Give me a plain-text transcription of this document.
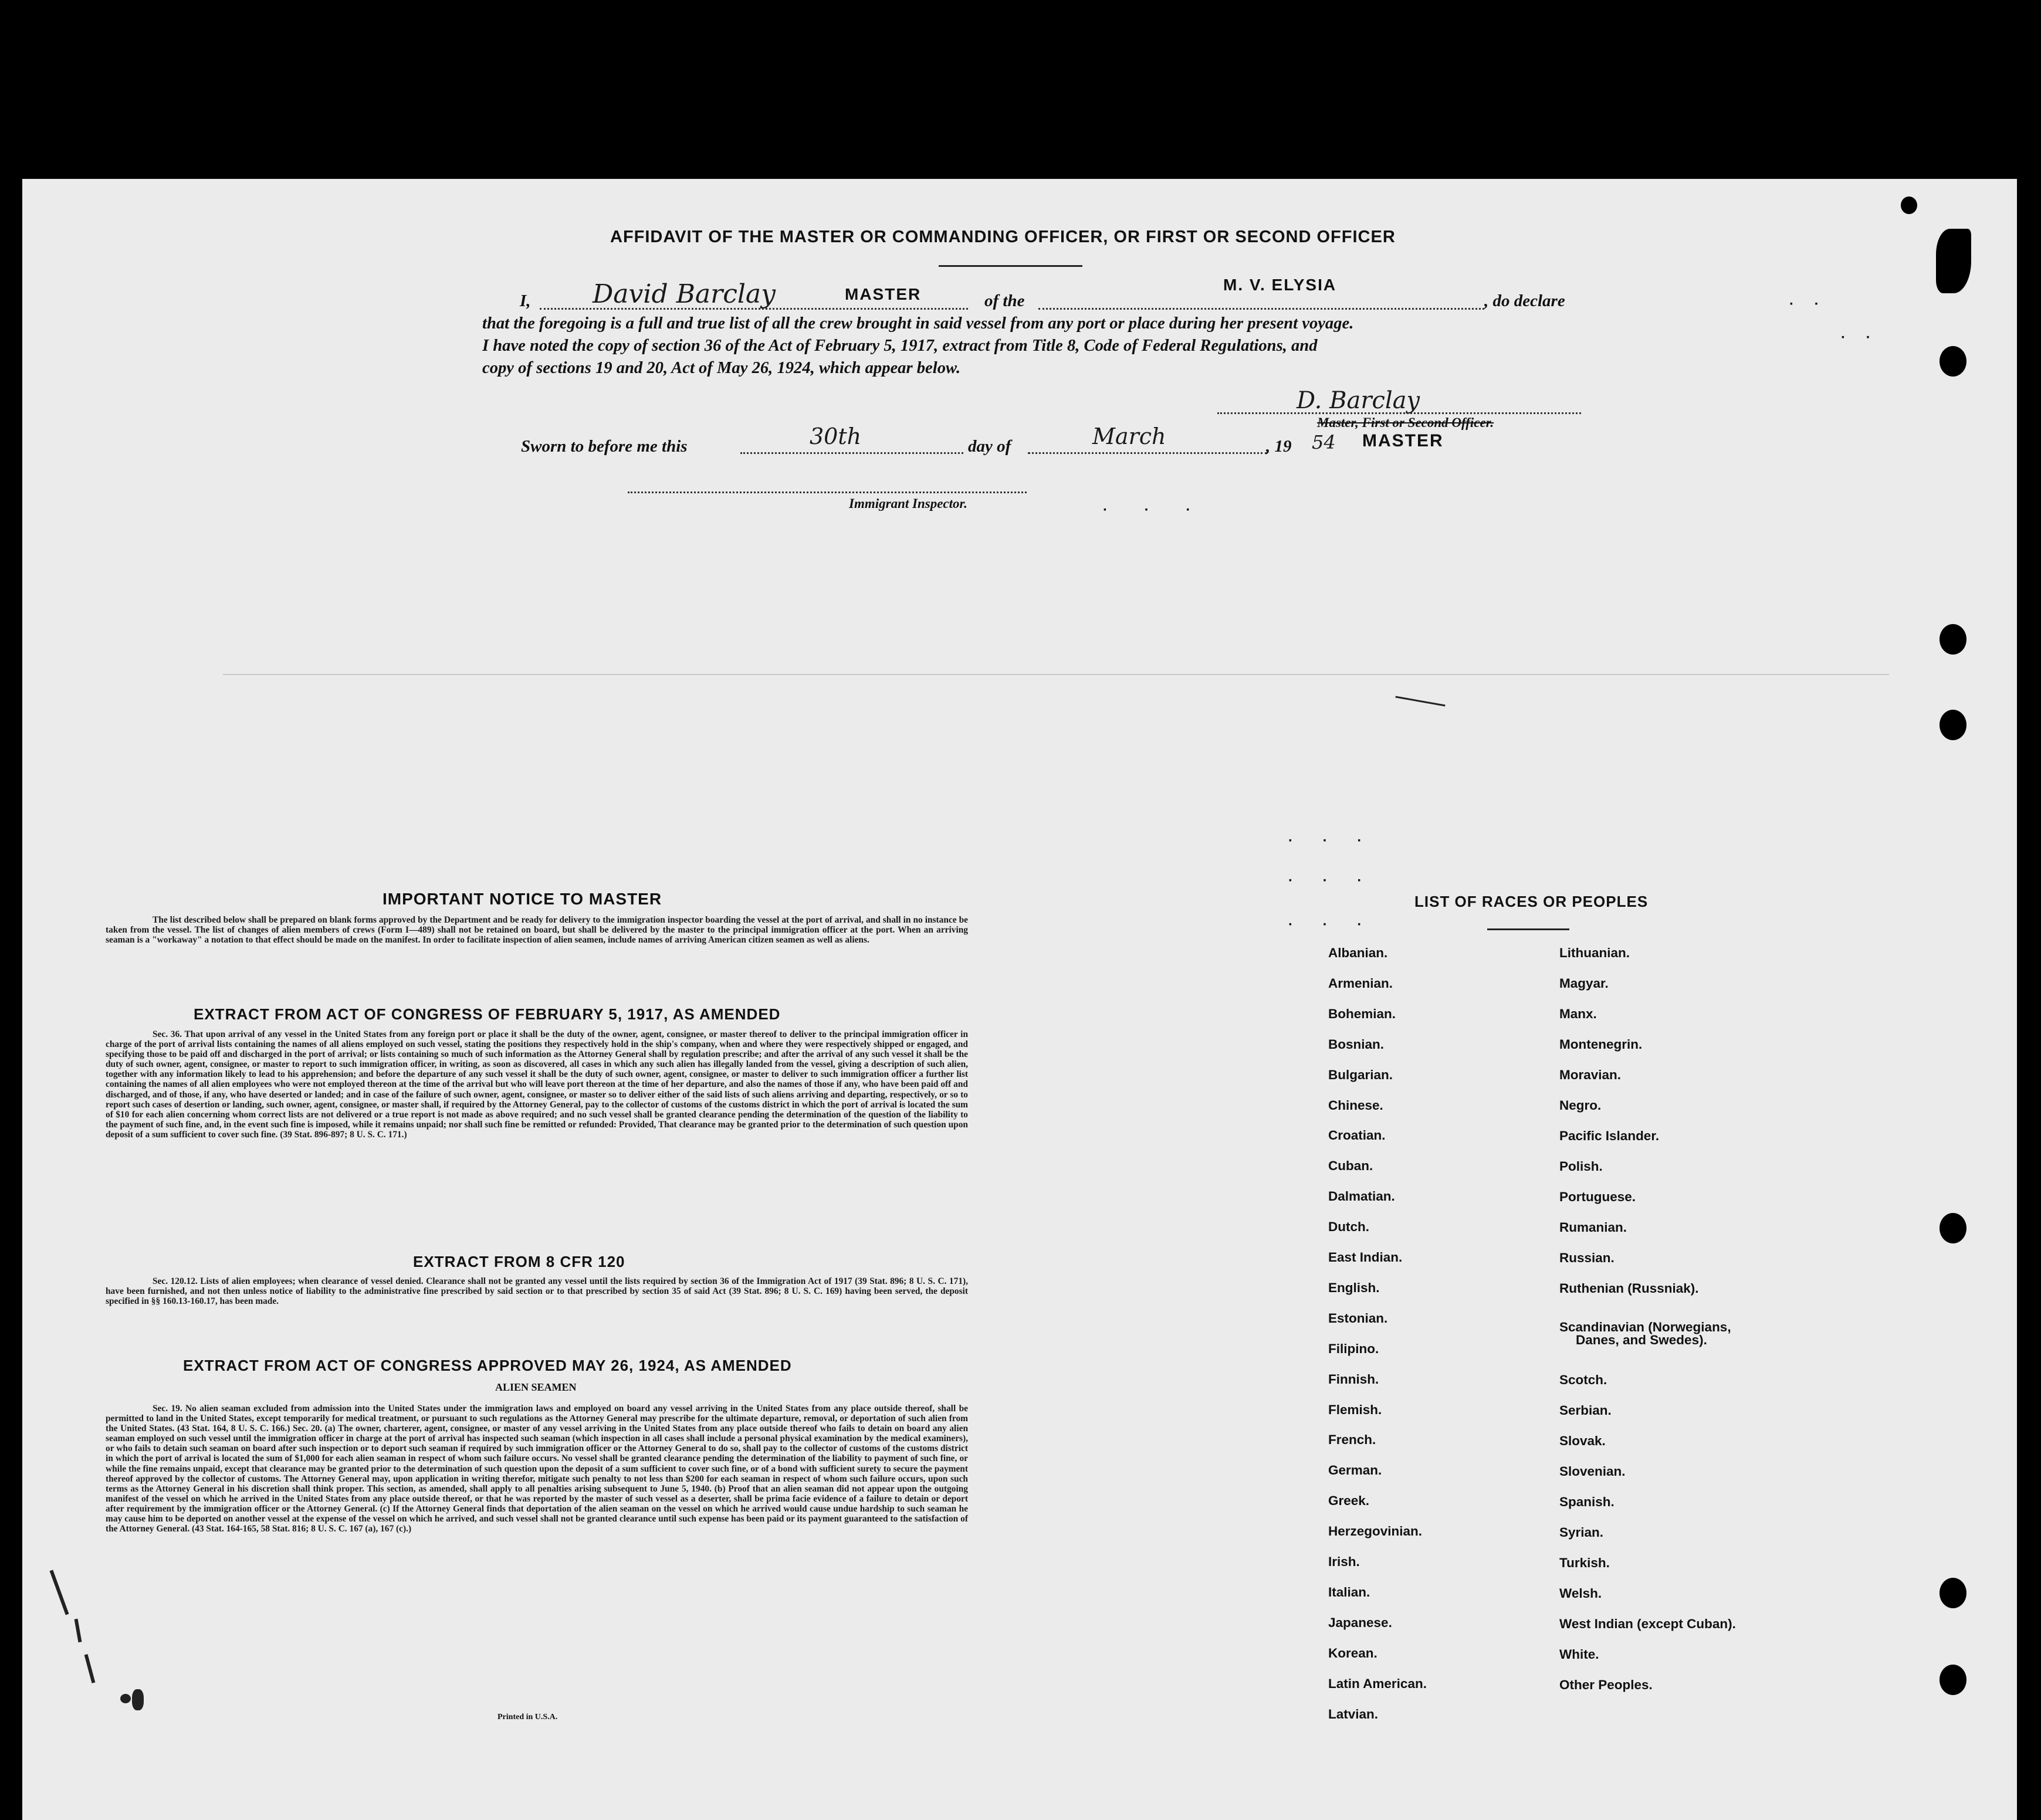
AFFIDAVIT OF THE MASTER OR COMMANDING OFFICER, OR FIRST OR SECOND OFFICER
I, David Barclay	MASTER	of the
M. V. ELYSIA
, do declare
that the foregoing is a full and true list of all the crew brought in said vessel from any port or place during her present voyage.
I have noted the copy of section 36 of the Act of February 5, 1917, extract from Title 8, Code of Federal Regulations, and
copy of sections 19 and 20, Act of May 26, 1924, which appear below.
D. Barclay
Master, First or Second Officer.
Sworn to before me this	30th	day of	March	, 19 54 MASTER
Immigrant Inspector.	· · ·
· ·
· ·
· · ·
· · ·
· · ·
IMPORTANT NOTICE TO MASTER
The list described below shall be prepared on blank forms approved by the Department and be ready for delivery to the immigration inspector boarding the vessel at the port of arrival, and shall in no instance be taken from the vessel. The list of changes of alien members of crews (Form I—489) shall not be retained on board, but shall be delivered by the master to the principal immigration officer at the port. When an arriving seaman is a "workaway" a notation to that effect should be made on the manifest. In order to facilitate inspection of alien seamen, include names of arriving American citizen seamen as well as aliens.
EXTRACT FROM ACT OF CONGRESS OF FEBRUARY 5, 1917, AS AMENDED
Sec. 36. That upon arrival of any vessel in the United States from any foreign port or place it shall be the duty of the owner, agent, consignee, or master thereof to deliver to the principal immigration officer in charge of the port of arrival lists containing the names of all aliens employed on such vessel, stating the positions they respectively hold in the ship's company, when and where they were respectively shipped or engaged, and specifying those to be paid off and discharged in the port of arrival; or lists containing so much of such information as the Attorney General shall by regulation prescribe; and after the arrival of any such vessel it shall be the duty of such owner, agent, consignee, or master to report to such immigration officer, in writing, as soon as discovered, all cases in which any such alien has illegally landed from the vessel, giving a description of such alien, together with any information likely to lead to his apprehension; and before the departure of any such vessel it shall be the duty of such owner, agent, consignee, or master to deliver to such immigration officer a further list containing the names of all alien employees who were not employed thereon at the time of the arrival but who will leave port thereon at the time of her departure, and also the names of those if any, who have been paid off and discharged, and of those, if any, who have deserted or landed; and in case of the failure of such owner, agent, consignee, or master so to deliver either of the said lists of such aliens arriving and departing, respectively, or so to report such cases of desertion or landing, such owner, agent, consignee, or master shall, if required by the Attorney General, pay to the collector of customs of the customs district in which the port of arrival is located the sum of $10 for each alien concerning whom correct lists are not delivered or a true report is not made as above required; and no such vessel shall be granted clearance pending the determination of the question of the liability to the payment of such fine, and, in the event such fine is imposed, while it remains unpaid; nor shall such fine be remitted or refunded: Provided, That clearance may be granted prior to the determination of such question upon deposit of a sum sufficient to cover such fine. (39 Stat. 896-897; 8 U. S. C. 171.)
EXTRACT FROM 8 CFR 120
Sec. 120.12. Lists of alien employees; when clearance of vessel denied. Clearance shall not be granted any vessel until the lists required by section 36 of the Immigration Act of 1917 (39 Stat. 896; 8 U. S. C. 171), have been furnished, and not then unless notice of liability to the administrative fine prescribed by said section or to that prescribed by section 35 of said Act (39 Stat. 896; 8 U. S. C. 169) having been served, the deposit specified in §§ 160.13-160.17, has been made.
EXTRACT FROM ACT OF CONGRESS APPROVED MAY 26, 1924, AS AMENDED
ALIEN SEAMEN
Sec. 19. No alien seaman excluded from admission into the United States under the immigration laws and employed on board any vessel arriving in the United States from any place outside thereof, shall be permitted to land in the United States, except temporarily for medical treatment, or pursuant to such regulations as the Attorney General may prescribe for the ultimate departure, removal, or deportation of such alien from the United States. (43 Stat. 164, 8 U. S. C. 166.) Sec. 20. (a) The owner, charterer, agent, consignee, or master of any vessel arriving in the United States from any place outside thereof who fails to detain on board any alien seaman employed on such vessel until the immigration officer in charge at the port of arrival has inspected such seaman (which inspection in all cases shall include a personal physical examination by the medical examiners), or who fails to detain such seaman on board after such inspection or to deport such seaman if required by such immigration officer or the Attorney General to do so, shall pay to the collector of customs of the customs district in which the port of arrival is located the sum of $1,000 for each alien seaman in respect of whom such failure occurs. No vessel shall be granted clearance pending the determination of the liability to payment of such fine, or while the fine remains unpaid, except that clearance may be granted prior to the determination of such question upon the deposit of a sum sufficient to cover such fine, or of a bond with sufficient surety to secure the payment thereof approved by the collector of customs. The Attorney General may, upon application in writing therefor, mitigate such penalty to not less than $200 for each seaman in respect of whom such failure occurs, upon such terms as the Attorney General in his discretion shall think proper. This section, as amended, shall apply to all penalties arising subsequent to June 5, 1940. (b) Proof that an alien seaman did not appear upon the outgoing manifest of the vessel on which he arrived in the United States from any place outside thereof, or that he was reported by the master of such vessel as a deserter, shall be prima facie evidence of a failure to detain or deport after requirement by the immigration officer or the Attorney General. (c) If the Attorney General finds that deportation of the alien seaman on the vessel on which he arrived would cause undue hardship to such seaman he may cause him to be deported on another vessel at the expense of the vessel on which he arrived, and such vessel shall not be granted clearance until such expense has been paid or its payment guaranteed to the satisfaction of the Attorney General. (43 Stat. 164-165, 58 Stat. 816; 8 U. S. C. 167 (a), 167 (c).)
Printed in U.S.A.
LIST OF RACES OR PEOPLES
Albanian.
Armenian.
Bohemian.
Bosnian.
Bulgarian.
Chinese.
Croatian.
Cuban.
Dalmatian.
Dutch.
East Indian.
English.
Estonian.
Filipino.
Finnish.
Flemish.
French.
German.
Greek.
Herzegovinian.
Irish.
Italian.
Japanese.
Korean.
Latin American.
Latvian.
Lithuanian.
Magyar.
Manx.
Montenegrin.
Moravian.
Negro.
Pacific Islander.
Polish.
Portuguese.
Rumanian.
Russian.
Ruthenian (Russniak).
Scandinavian (Norwegians,
Danes, and Swedes).
Scotch.
Serbian.
Slovak.
Slovenian.
Spanish.
Syrian.
Turkish.
Welsh.
West Indian (except Cuban).
White.
Other Peoples.
